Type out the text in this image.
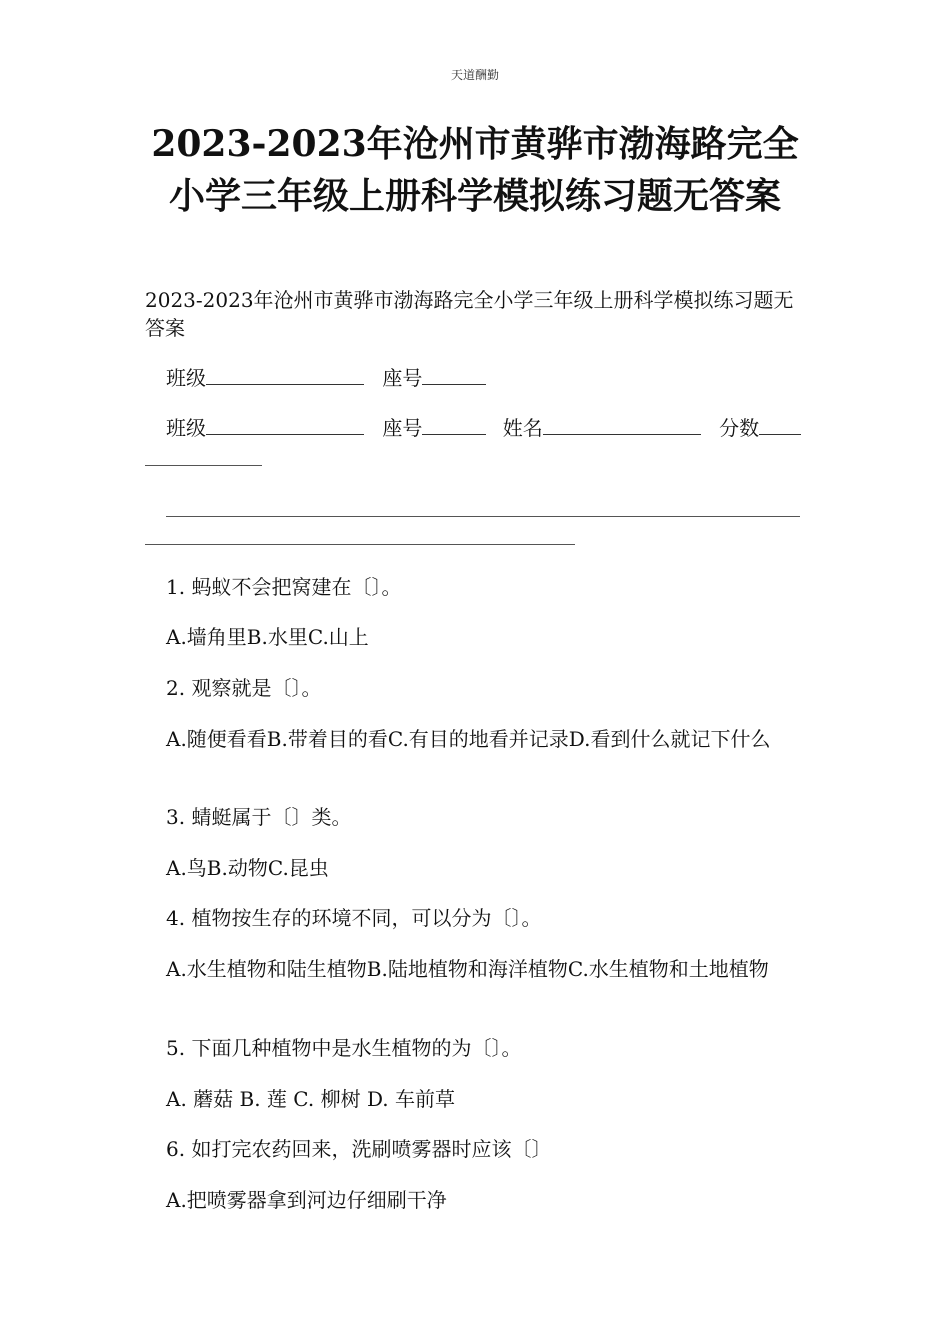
天道酬勤
2023-2023年沧州市黄骅市渤海路完全
小学三年级上册科学模拟练习题无答案
2023-2023年沧州市黄骅市渤海路完全小学三年级上册科学模拟练习题无答案
班级	座号
班级	座号	姓名	分数
1. 蚂蚁不会把窝建在〔〕。
A.墙角里B.水里C.山上
2. 观察就是〔〕。
A.随便看看B.带着目的看C.有目的地看并记录D.看到什么就记下什么
3. 蜻蜓属于〔〕类。
A.鸟B.动物C.昆虫
4. 植物按生存的环境不同，可以分为〔〕。
A.水生植物和陆生植物B.陆地植物和海洋植物C.水生植物和土地植物
5. 下面几种植物中是水生植物的为〔〕。
A. 蘑菇 B. 莲 C. 柳树 D. 车前草
6. 如打完农药回来，洗刷喷雾器时应该〔〕
A.把喷雾器拿到河边仔细刷干净
